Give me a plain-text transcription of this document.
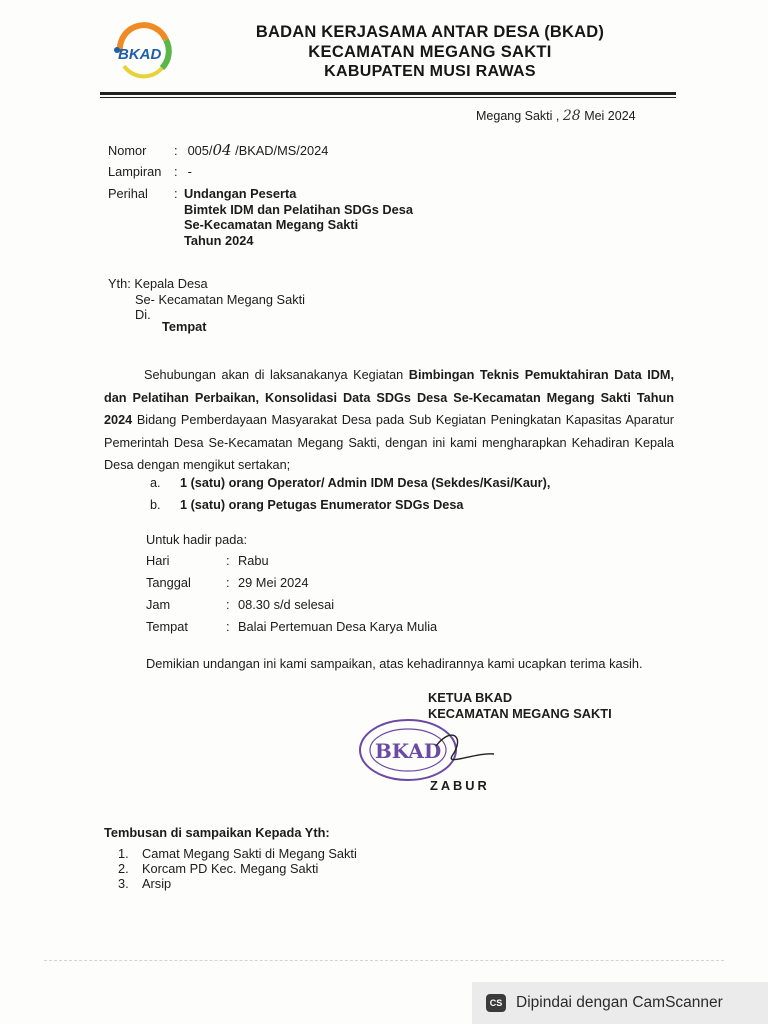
BKAD
BADAN KERJASAMA ANTAR DESA (BKAD)
KECAMATAN MEGANG SAKTI
KABUPATEN MUSI RAWAS
Megang Sakti , 28 Mei 2024
Nomor : 005/04 /BKAD/MS/2024
Lampiran : -
Perihal : Undangan Peserta
Bimtek IDM dan Pelatihan SDGs Desa
Se-Kecamatan Megang Sakti
Tahun 2024
Yth: Kepala Desa
Se- Kecamatan Megang Sakti
Di.
Tempat
Sehubungan akan di laksanakanya Kegiatan Bimbingan Teknis Pemuktahiran Data IDM, dan Pelatihan Perbaikan, Konsolidasi Data SDGs Desa Se-Kecamatan Megang Sakti Tahun 2024 Bidang Pemberdayaan Masyarakat Desa pada Sub Kegiatan Peningkatan Kapasitas Aparatur Pemerintah Desa Se-Kecamatan Megang Sakti, dengan ini kami mengharapkan Kehadiran Kepala Desa dengan mengikut sertakan;
a. 1 (satu) orang Operator/ Admin IDM Desa (Sekdes/Kasi/Kaur),
b. 1 (satu) orang Petugas Enumerator SDGs Desa
Untuk hadir pada:
Hari	: Rabu
Tanggal	: 29 Mei 2024
Jam	: 08.30 s/d selesai
Tempat	: Balai Pertemuan Desa Karya Mulia
Demikian undangan ini kami sampaikan, atas kehadirannya kami ucapkan terima kasih.
KETUA BKAD
KECAMATAN MEGANG SAKTI
BKAD
ZABUR
Tembusan di sampaikan Kepada Yth:
1. Camat Megang Sakti di Megang Sakti
2. Korcam PD Kec. Megang Sakti
3. Arsip
CS Dipindai dengan CamScanner
